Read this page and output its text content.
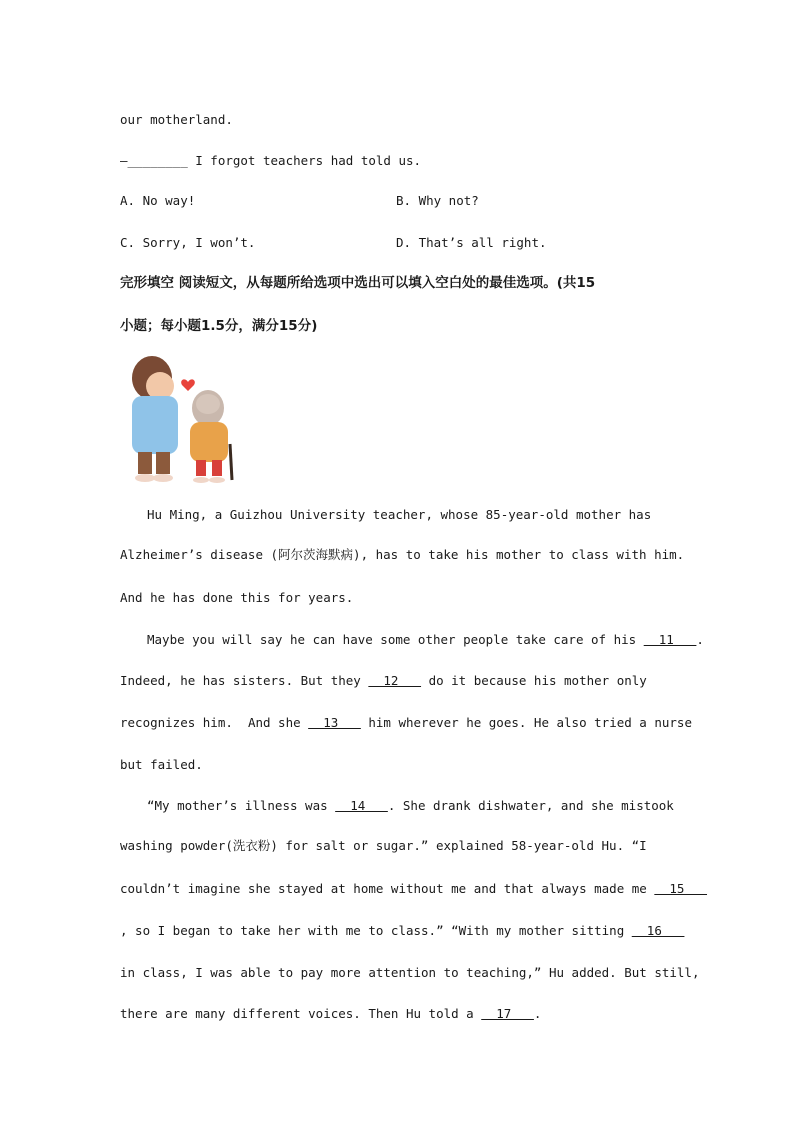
our motherland.
—________ I forgot teachers had told us.
A. No way!	B. Why not?
C. Sorry, I won’t.	D. That’s all right.
完形填空 阅读短文，从每题所给选项中选出可以填入空白处的最佳选项。(共15
小题；每小题1.5分，满分15分)
Hu Ming, a Guizhou University teacher, whose 85-year-old mother has
Alzheimer’s disease (阿尔茨海默病), has to take his mother to class with him.
And he has done this for years.
Maybe you will say he can have some other people take care of his   11   .
Indeed, he has sisters. But they   12    do it because his mother only
recognizes him.  And she   13    him wherever he goes. He also tried a nurse
but failed.
“My mother’s illness was   14   . She drank dishwater, and she mistook
washing powder(洗衣粉) for salt or sugar.” explained 58-year-old Hu. “I
couldn’t imagine she stayed at home without me and that always made me   15
, so I began to take her with me to class.” “With my mother sitting   16
in class, I was able to pay more attention to teaching,” Hu added. But still,
there are many different voices. Then Hu told a   17   .
